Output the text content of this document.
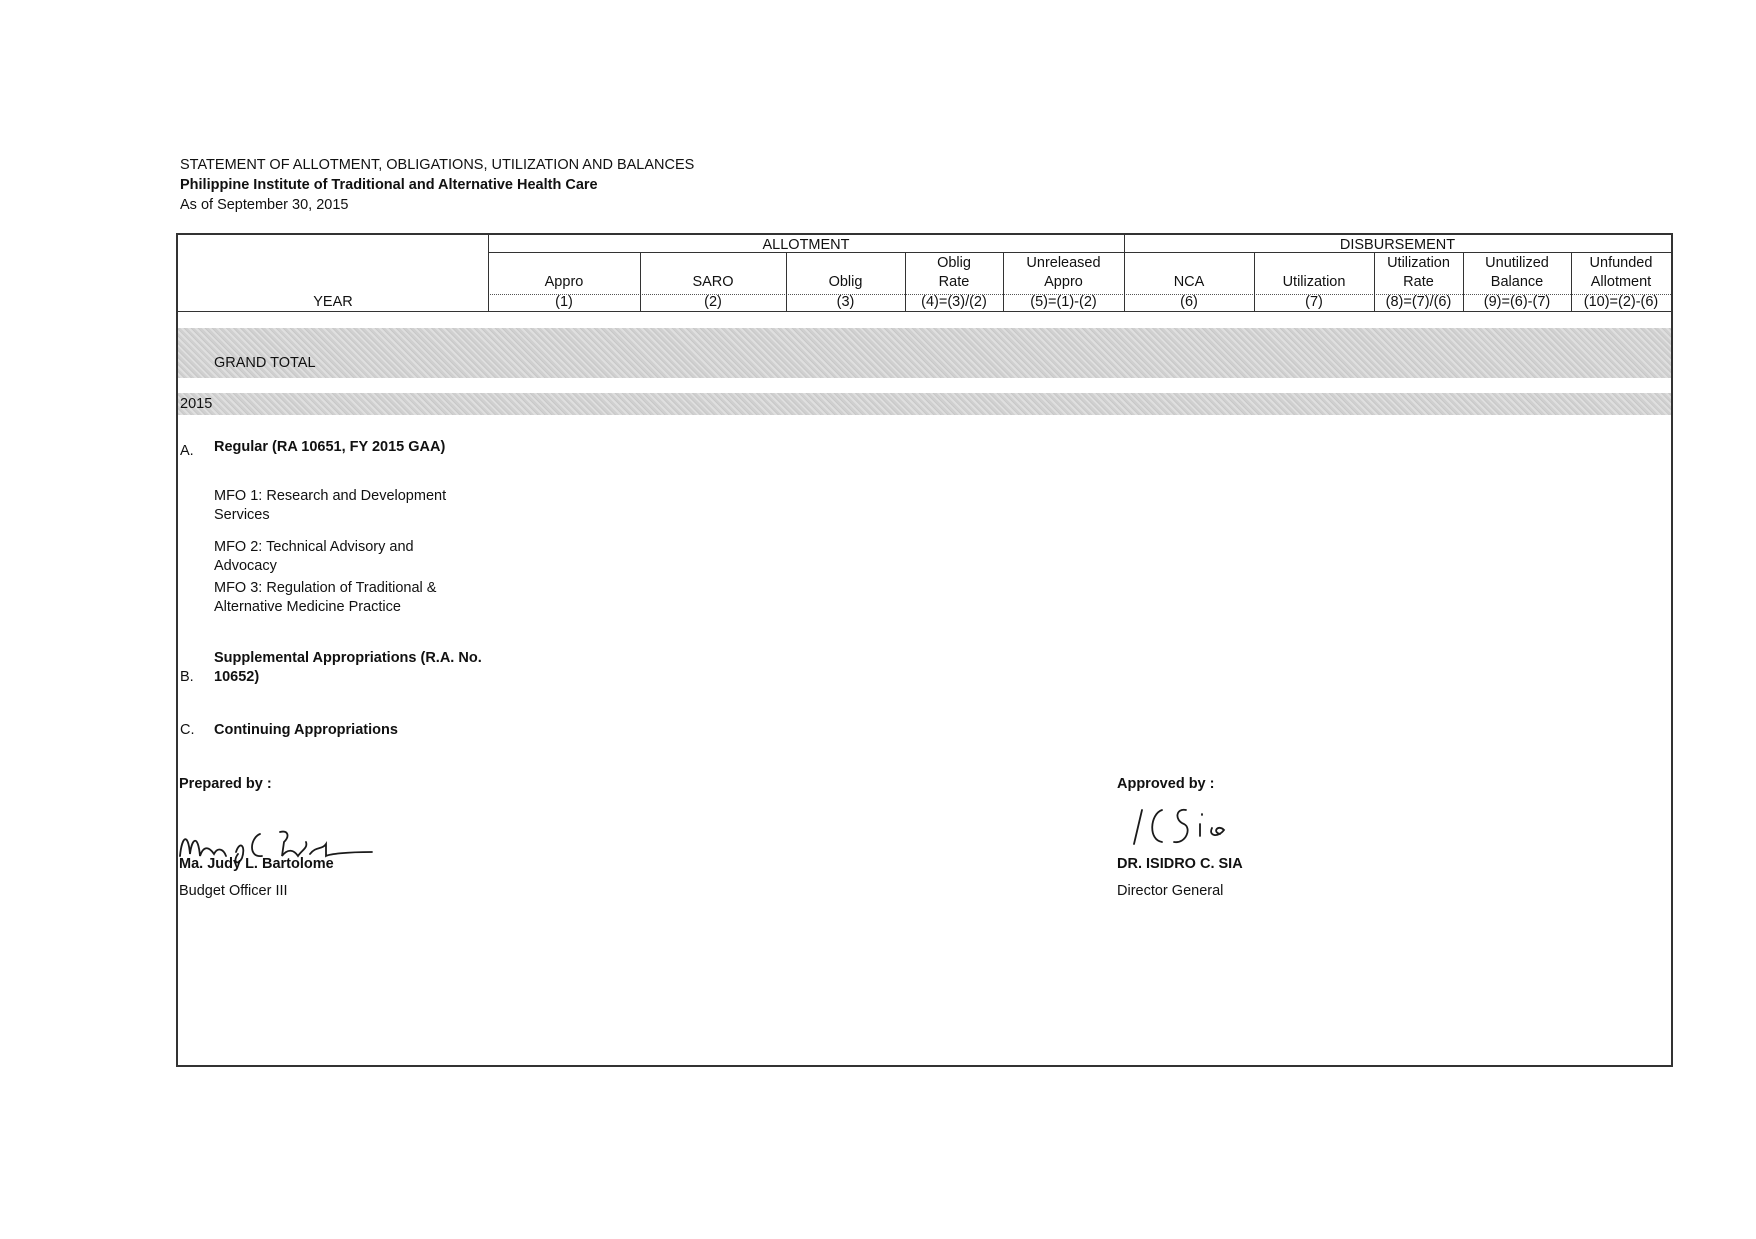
STATEMENT OF ALLOTMENT, OBLIGATIONS, UTILIZATION AND BALANCES
Philippine Institute of Traditional and Alternative Health Care
As of September 30, 2015
ALLOTMENT	DISBURSEMENT
YEAR
Appro
(1)
SARO
(2)
Oblig
(3)
Oblig
Rate
(4)=(3)/(2)
Unreleased
Appro
(5)=(1)-(2)
NCA
(6)
Utilization
(7)
Utilization
Rate
(8)=(7)/(6)
Unutilized
Balance
(9)=(6)-(7)
Unfunded
Allotment
(10)=(2)-(6)
GRAND TOTAL
2015
A. Regular (RA 10651, FY 2015 GAA)
MFO 1: Research and Development Services
MFO 2: Technical Advisory and Advocacy
MFO 3: Regulation of Traditional & Alternative Medicine Practice
B.
Supplemental Appropriations (R.A. No. 10652)
C. Continuing Appropriations
Prepared by :
Ma. Judy L. Bartolome
Budget Officer III
Approved by :
DR. ISIDRO C. SIA
Director General
